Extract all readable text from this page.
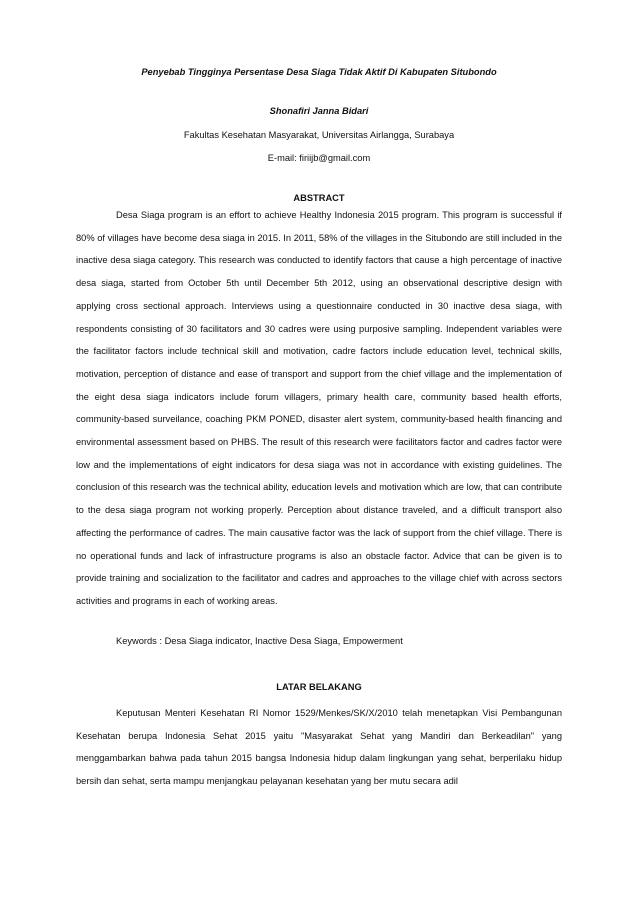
Penyebab Tingginya Persentase Desa Siaga Tidak Aktif Di Kabupaten Situbondo

Shonafiri Janna Bidari

Fakultas Kesehatan Masyarakat, Universitas Airlangga, Surabaya

E-mail: firiijb@gmail.com

ABSTRACT

Desa Siaga program is an effort to achieve Healthy Indonesia 2015 program. This program is successful if 80% of villages have become desa siaga in 2015. In 2011, 58% of the villages in the Situbondo are still included in the inactive desa siaga category. This research was conducted to identify factors that cause a high percentage of inactive desa siaga, started from October 5th until December 5th 2012, using an observational descriptive design with applying cross sectional approach. Interviews using a questionnaire conducted in 30 inactive desa siaga, with respondents consisting of 30 facilitators and 30 cadres were using purposive sampling. Independent variables were the facilitator factors include technical skill and motivation, cadre factors include education level, technical skills, motivation, perception of distance and ease of transport and support from the chief village and the implementation of the eight desa siaga indicators include forum villagers, primary health care, community based health efforts, community-based surveilance, coaching PKM PONED, disaster alert system, community-based health financing and environmental assessment based on PHBS. The result of this research were facilitators factor and cadres factor were low and the implementations of eight indicators for desa siaga was not in accordance with existing guidelines. The conclusion of this research was the technical ability, education levels and motivation which are low, that can contribute to the desa siaga program not working properly. Perception about distance traveled, and a difficult transport also affecting the performance of cadres. The main causative factor was the lack of support from the chief village. There is no operational funds and lack of infrastructure programs is also an obstacle factor. Advice that can be given is to provide training and socialization to the facilitator and cadres and approaches to the village chief with across sectors activities and programs in each of working areas.

Keywords : Desa Siaga indicator, Inactive Desa Siaga, Empowerment

LATAR BELAKANG

Keputusan Menteri Kesehatan RI Nomor 1529/Menkes/SK/X/2010 telah menetapkan Visi Pembangunan Kesehatan berupa Indonesia Sehat 2015 yaitu "Masyarakat Sehat yang Mandiri dan Berkeadilan" yang menggambarkan bahwa pada tahun 2015 bangsa Indonesia hidup dalam lingkungan yang sehat, berperilaku hidup bersih dan sehat, serta mampu menjangkau pelayanan kesehatan yang ber mutu secara adil
